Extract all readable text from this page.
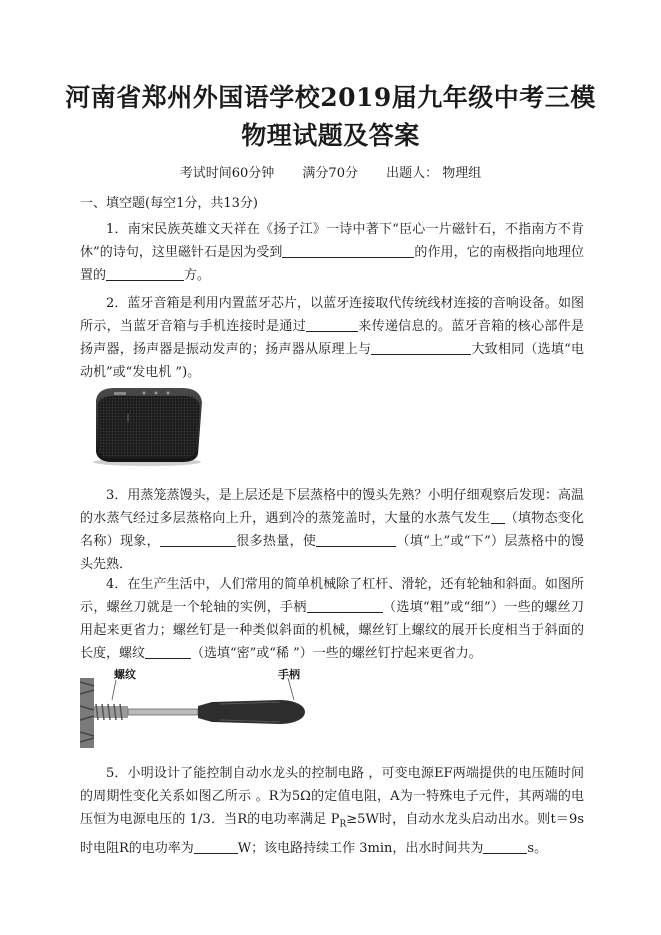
河南省郑州外国语学校2019届九年级中考三模
物理试题及答案
考试时间60分钟 满分70分 出题人： 物理组
一、填空题(每空1分，共13分)
1．南宋民族英雄文天祥在《扬子江》一诗中著下“臣心一片磁针石，不指南方不肯休”的诗句，这里磁针石是因为受到	的作用，它的南极指向地理位置的	方。
2．蓝牙音箱是利用内置蓝牙芯片，以蓝牙连接取代传统线材连接的音响设备。如图所示，当蓝牙音箱与手机连接时是通过	来传递信息的。蓝牙音箱的核心部件是扬声器，扬声器是振动发声的；扬声器从原理上与	大致相同（选填“电动机”或“发电机 ”)。
3．用蒸笼蒸馒头，是上层还是下层蒸格中的馒头先熟？小明仔细观察后发现：高温的水蒸气经过多层蒸格向上升，遇到冷的蒸笼盖时，大量的水蒸气发生 （填物态变化名称）现象，	很多热量，使	（填“上”或“下”）层蒸格中的馒头先熟．
4．在生产生活中，人们常用的简单机械除了杠杆、滑轮，还有轮轴和斜面。如图所示，螺丝刀就是一个轮轴的实例，手柄	（选填“粗”或“细”）一些的螺丝刀用起来更省力；螺丝钉是一种类似斜面的机械，螺丝钉上螺纹的展开长度相当于斜面的长度，螺纹	（选填“密”或“稀 ”）一些的螺丝钉拧起来更省力。
螺纹	手柄
5．小明设计了能控制自动水龙头的控制电路 ，可变电源EF两端提供的电压随时间的周期性变化关系如图乙所示 。R为5Ω的定值电阻，A为一特殊电子元件，其两端的电压恒为电源电压的 1/3．当R的电功率满足 $P_R\ge 5W$时，自动水龙头启动出水。则t＝9s时电阻R的电功率为	W；该电路持续工作 3min，出水时间共为	s。
